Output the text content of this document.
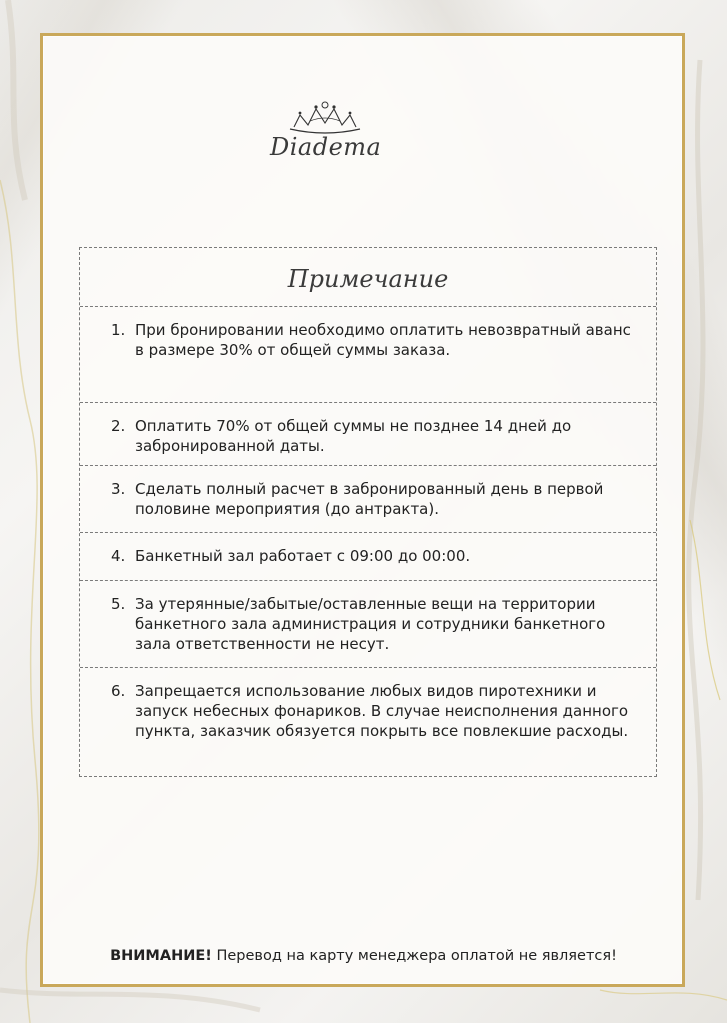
Diadema
Примечание
1. При бронировании необходимо оплатить невозвратный аванс в размере 30% от общей суммы заказа.
2. Оплатить 70% от общей суммы не позднее 14 дней до забронированной даты.
3. Сделать полный расчет в забронированный день в первой половине мероприятия (до антракта).
4. Банкетный зал работает с 09:00 до 00:00.
5. За утерянные/забытые/оставленные вещи на территории банкетного зала администрация и сотрудники банкетного зала ответственности не несут.
6. Запрещается использование любых видов пиротехники и запуск небесных фонариков. В случае неисполнения данного пункта, заказчик обязуется покрыть все повлекшие расходы.
ВНИМАНИЕ! Перевод на карту менеджера оплатой не является!
